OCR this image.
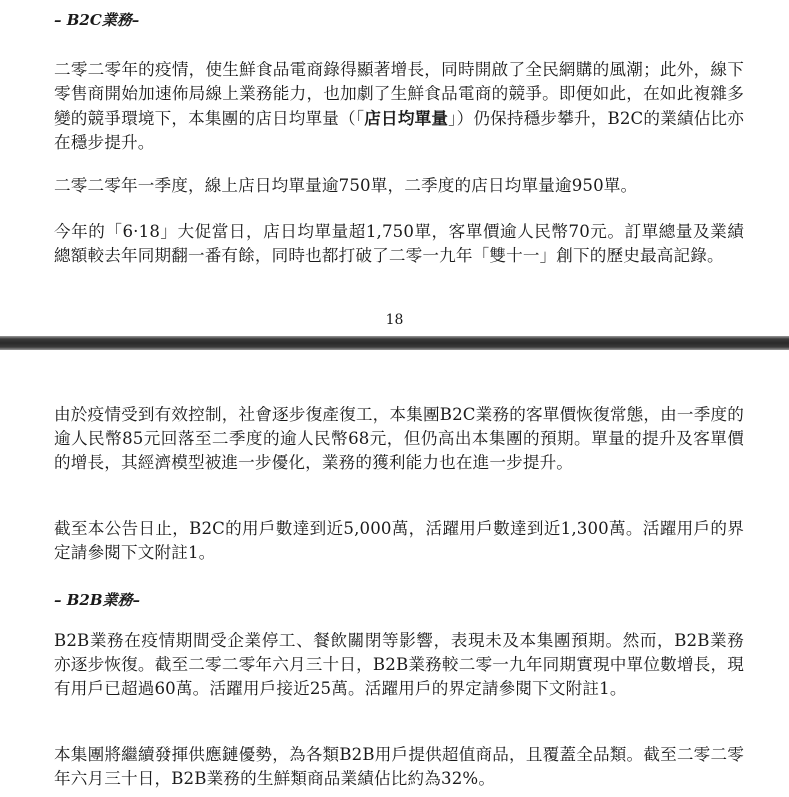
– B2C業務–

二零二零年的疫情，使生鮮食品電商錄得顯著增長，同時開啟了全民網購的風潮；此外，線下零售商開始加速佈局線上業務能力，也加劇了生鮮食品電商的競爭。即便如此，在如此複雜多變的競爭環境下，本集團的店日均單量（「店日均單量」）仍保持穩步攀升，B2C的業績佔比亦在穩步提升。

二零二零年一季度，線上店日均單量逾750單，二季度的店日均單量逾950單。

今年的「6·18」大促當日，店日均單量超1,750單，客單價逾人民幣70元。訂單總量及業績總額較去年同期翻一番有餘，同時也都打破了二零一九年「雙十一」創下的歷史最高記錄。

18

由於疫情受到有效控制，社會逐步復產復工，本集團B2C業務的客單價恢復常態，由一季度的逾人民幣85元回落至二季度的逾人民幣68元，但仍高出本集團的預期。單量的提升及客單價的增長，其經濟模型被進一步優化，業務的獲利能力也在進一步提升。

截至本公告日止，B2C的用戶數達到近5,000萬，活躍用戶數達到近1,300萬。活躍用戶的界定請參閱下文附註1。

– B2B業務–

B2B業務在疫情期間受企業停工、餐飲關閉等影響，表現未及本集團預期。然而，B2B業務亦逐步恢復。截至二零二零年六月三十日，B2B業務較二零一九年同期實現中單位數增長，現有用戶已超過60萬。活躍用戶接近25萬。活躍用戶的界定請參閱下文附註1。

本集團將繼續發揮供應鏈優勢，為各類B2B用戶提供超值商品，且覆蓋全品類。截至二零二零年六月三十日，B2B業務的生鮮類商品業績佔比約為32%。
